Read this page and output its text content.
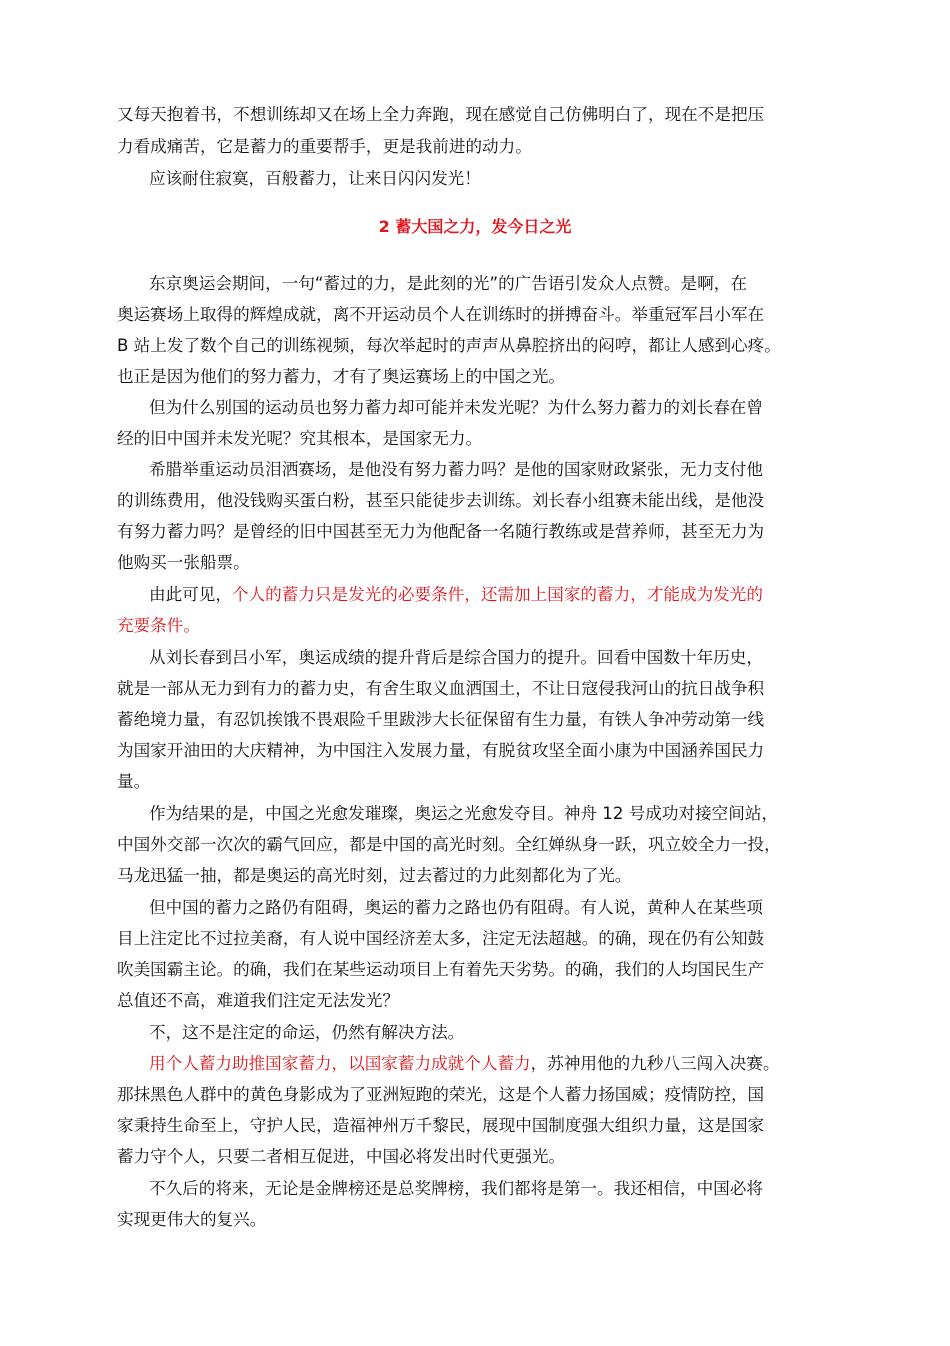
又每天抱着书，不想训练却又在场上全力奔跑，现在感觉自己仿佛明白了，现在不是把压
力看成痛苦，它是蓄力的重要帮手，更是我前进的动力。
应该耐住寂寞，百般蓄力，让来日闪闪发光！
2 蓄大国之力，发今日之光
东京奥运会期间，一句“蓄过的力，是此刻的光”的广告语引发众人点赞。是啊，在
奥运赛场上取得的辉煌成就，离不开运动员个人在训练时的拼搏奋斗。举重冠军吕小军在
B 站上发了数个自己的训练视频，每次举起时的声声从鼻腔挤出的闷哼，都让人感到心疼。
也正是因为他们的努力蓄力，才有了奥运赛场上的中国之光。
但为什么别国的运动员也努力蓄力却可能并未发光呢？为什么努力蓄力的刘长春在曾
经的旧中国并未发光呢？究其根本，是国家无力。
希腊举重运动员泪洒赛场，是他没有努力蓄力吗？是他的国家财政紧张，无力支付他
的训练费用，他没钱购买蛋白粉，甚至只能徒步去训练。刘长春小组赛未能出线，是他没
有努力蓄力吗？是曾经的旧中国甚至无力为他配备一名随行教练或是营养师，甚至无力为
他购买一张船票。
由此可见，个人的蓄力只是发光的必要条件，还需加上国家的蓄力，才能成为发光的
充要条件。
从刘长春到吕小军，奥运成绩的提升背后是综合国力的提升。回看中国数十年历史，
就是一部从无力到有力的蓄力史，有舍生取义血洒国土，不让日寇侵我河山的抗日战争积
蓄绝境力量，有忍饥挨饿不畏艰险千里跋涉大长征保留有生力量，有铁人争冲劳动第一线
为国家开油田的大庆精神，为中国注入发展力量，有脱贫攻坚全面小康为中国涵养国民力
量。
作为结果的是，中国之光愈发璀璨，奥运之光愈发夺目。神舟 12 号成功对接空间站，
中国外交部一次次的霸气回应，都是中国的高光时刻。全红婵纵身一跃，巩立姣全力一投，
马龙迅猛一抽，都是奥运的高光时刻，过去蓄过的力此刻都化为了光。
但中国的蓄力之路仍有阻碍，奥运的蓄力之路也仍有阻碍。有人说，黄种人在某些项
目上注定比不过拉美裔，有人说中国经济差太多，注定无法超越。的确，现在仍有公知鼓
吹美国霸主论。的确，我们在某些运动项目上有着先天劣势。的确，我们的人均国民生产
总值还不高，难道我们注定无法发光？
不，这不是注定的命运，仍然有解决方法。
用个人蓄力助推国家蓄力，以国家蓄力成就个人蓄力，苏神用他的九秒八三闯入决赛。
那抹黑色人群中的黄色身影成为了亚洲短跑的荣光，这是个人蓄力扬国威；疫情防控，国
家秉持生命至上，守护人民，造福神州万千黎民，展现中国制度强大组织力量，这是国家
蓄力守个人，只要二者相互促进，中国必将发出时代更强光。
不久后的将来，无论是金牌榜还是总奖牌榜，我们都将是第一。我还相信，中国必将
实现更伟大的复兴。
